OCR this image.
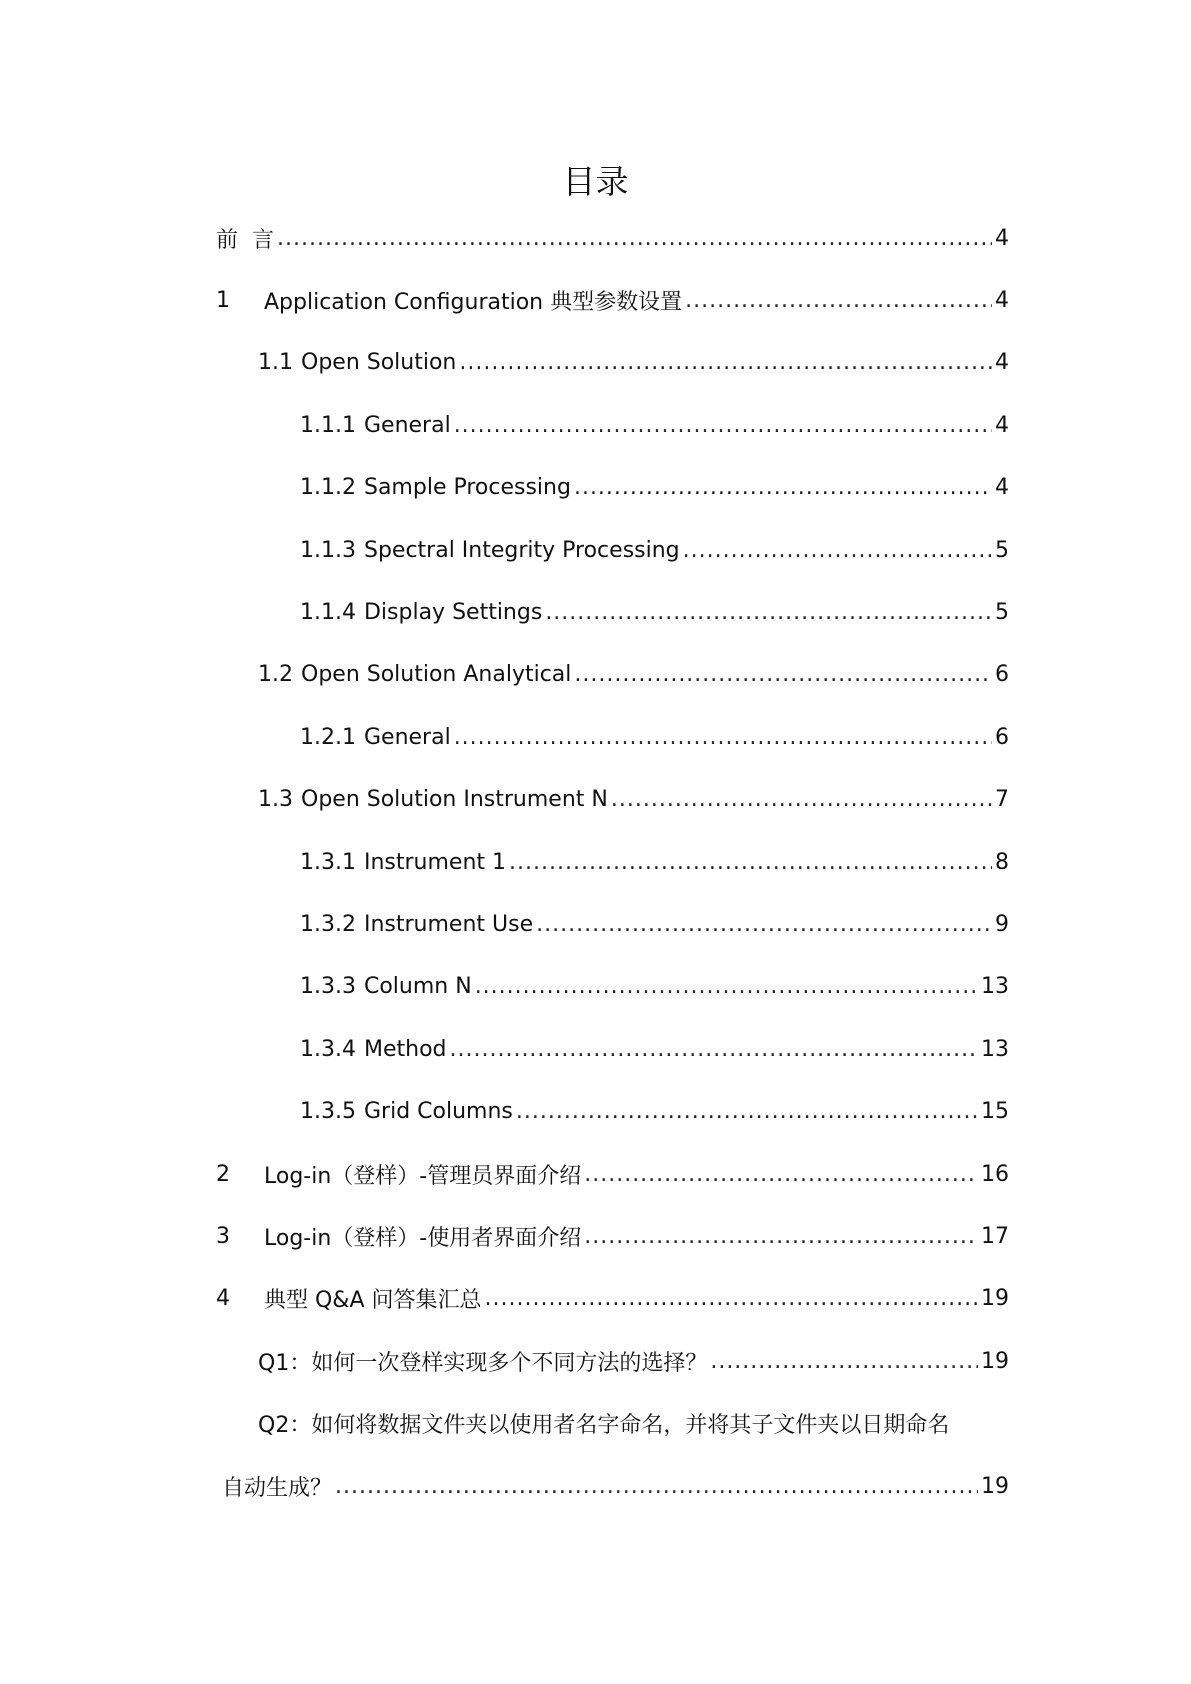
目录
前  言 .....	4
1	Application Configuration 典型参数设置 .....	4
1.1 Open Solution .....	4
1.1.1 General .....	4
1.1.2 Sample Processing .....	4
1.1.3 Spectral Integrity Processing .....	5
1.1.4 Display Settings .....	5
1.2 Open Solution Analytical .....	6
1.2.1 General .....	6
1.3 Open Solution Instrument N .....	7
1.3.1 Instrument 1 .....	8
1.3.2 Instrument Use .....	9
1.3.3 Column N .....	13
1.3.4 Method .....	13
1.3.5 Grid Columns .....	15
2	Log-in（登样）-管理员界面介绍 .....	16
3	Log-in（登样）-使用者界面介绍 .....	17
4	典型 Q&A 问答集汇总 .....	19
Q1：如何一次登样实现多个不同方法的选择？ .....	19
Q2：如何将数据文件夹以使用者名字命名，并将其子文件夹以日期命名
自动生成？ .....	19
